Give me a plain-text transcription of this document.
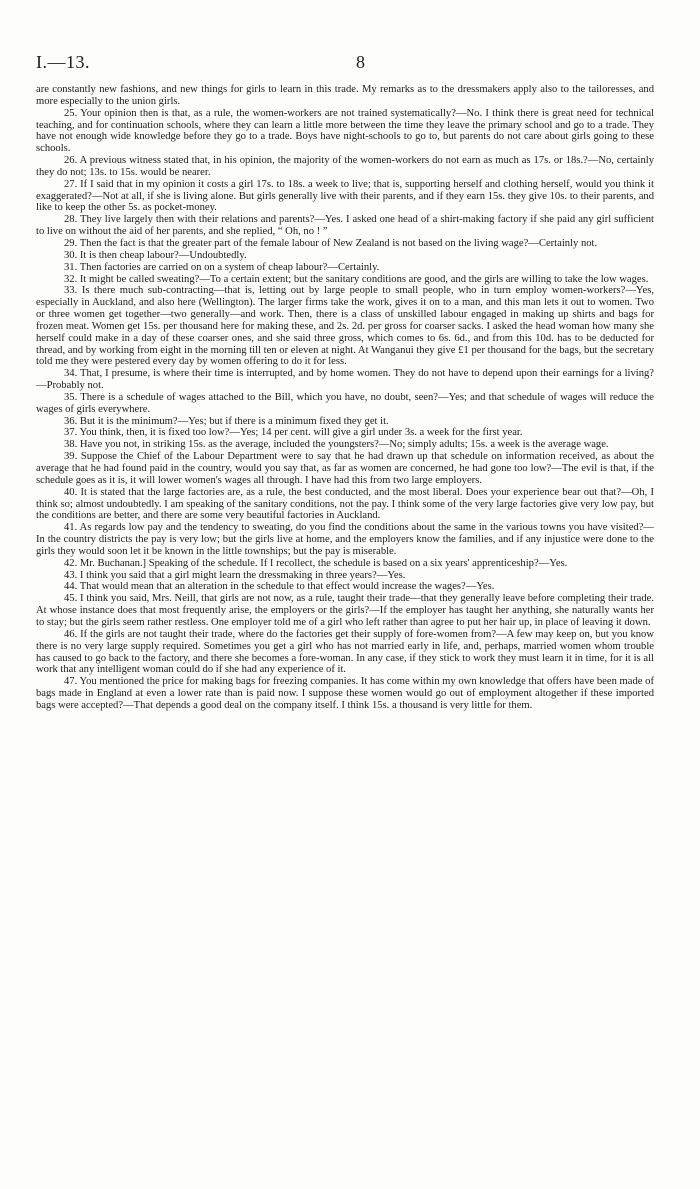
I.—13.	8

are constantly new fashions, and new things for girls to learn in this trade. My remarks as to the dressmakers apply also to the tailoresses, and more especially to the union girls.

25. Your opinion then is that, as a rule, the women-workers are not trained systematically?—No. I think there is great need for technical teaching, and for continuation schools, where they can learn a little more between the time they leave the primary school and go to a trade. They have not enough wide knowledge before they go to a trade. Boys have night-schools to go to, but parents do not care about girls going to these schools.

26. A previous witness stated that, in his opinion, the majority of the women-workers do not earn as much as 17s. or 18s.?—No, certainly they do not; 13s. to 15s. would be nearer.

27. If I said that in my opinion it costs a girl 17s. to 18s. a week to live; that is, supporting herself and clothing herself, would you think it exaggerated?—Not at all, if she is living alone. But girls generally live with their parents, and if they earn 15s. they give 10s. to their parents, and like to keep the other 5s. as pocket-money.

28. They live largely then with their relations and parents?—Yes. I asked one head of a shirt-making factory if she paid any girl sufficient to live on without the aid of her parents, and she replied, “ Oh, no ! ”

29. Then the fact is that the greater part of the female labour of New Zealand is not based on the living wage?—Certainly not.

30. It is then cheap labour?—Undoubtedly.

31. Then factories are carried on on a system of cheap labour?—Certainly.

32. It might be called sweating?—To a certain extent; but the sanitary conditions are good, and the girls are willing to take the low wages.

33. Is there much sub-contracting—that is, letting out by large people to small people, who in turn employ women-workers?—Yes, especially in Auckland, and also here (Wellington). The larger firms take the work, gives it on to a man, and this man lets it out to women. Two or three women get together—two generally—and work. Then, there is a class of unskilled labour engaged in making up shirts and bags for frozen meat. Women get 15s. per thousand here for making these, and 2s. 2d. per gross for coarser sacks. I asked the head woman how many she herself could make in a day of these coarser ones, and she said three gross, which comes to 6s. 6d., and from this 10d. has to be deducted for thread, and by working from eight in the morning till ten or eleven at night. At Wanganui they give £1 per thousand for the bags, but the secretary told me they were pestered every day by women offering to do it for less.

34. That, I presume, is where their time is interrupted, and by home women. They do not have to depend upon their earnings for a living?—Probably not.

35. There is a schedule of wages attached to the Bill, which you have, no doubt, seen?—Yes; and that schedule of wages will reduce the wages of girls everywhere.

36. But it is the minimum?—Yes; but if there is a minimum fixed they get it.

37. You think, then, it is fixed too low?—Yes; 14 per cent. will give a girl under 3s. a week for the first year.

38. Have you not, in striking 15s. as the average, included the youngsters?—No; simply adults; 15s. a week is the average wage.

39. Suppose the Chief of the Labour Department were to say that he had drawn up that schedule on information received, as about the average that he had found paid in the country, would you say that, as far as women are concerned, he had gone too low?—The evil is that, if the schedule goes as it is, it will lower women's wages all through. I have had this from two large employers.

40. It is stated that the large factories are, as a rule, the best conducted, and the most liberal. Does your experience bear out that?—Oh, I think so; almost undoubtedly. I am speaking of the sanitary conditions, not the pay. I think some of the very large factories give very low pay, but the conditions are better, and there are some very beautiful factories in Auckland.

41. As regards low pay and the tendency to sweating, do you find the conditions about the same in the various towns you have visited?—In the country districts the pay is very low; but the girls live at home, and the employers know the families, and if any injustice were done to the girls they would soon let it be known in the little townships; but the pay is miserable.

42. Mr. Buchanan.] Speaking of the schedule. If I recollect, the schedule is based on a six years' apprenticeship?—Yes.

43. I think you said that a girl might learn the dressmaking in three years?—Yes.

44. That would mean that an alteration in the schedule to that effect would increase the wages?—Yes.

45. I think you said, Mrs. Neill, that girls are not now, as a rule, taught their trade—that they generally leave before completing their trade. At whose instance does that most frequently arise, the employers or the girls?—If the employer has taught her anything, she naturally wants her to stay; but the girls seem rather restless. One employer told me of a girl who left rather than agree to put her hair up, in place of leaving it down.

46. If the girls are not taught their trade, where do the factories get their supply of fore-women from?—A few may keep on, but you know there is no very large supply required. Sometimes you get a girl who has not married early in life, and, perhaps, married women whom trouble has caused to go back to the factory, and there she becomes a fore-woman. In any case, if they stick to work they must learn it in time, for it is all work that any intelligent woman could do if she had any experience of it.

47. You mentioned the price for making bags for freezing companies. It has come within my own knowledge that offers have been made of bags made in England at even a lower rate than is paid now. I suppose these women would go out of employment altogether if these imported bags were accepted?—That depends a good deal on the company itself. I think 15s. a thousand is very little for them.
